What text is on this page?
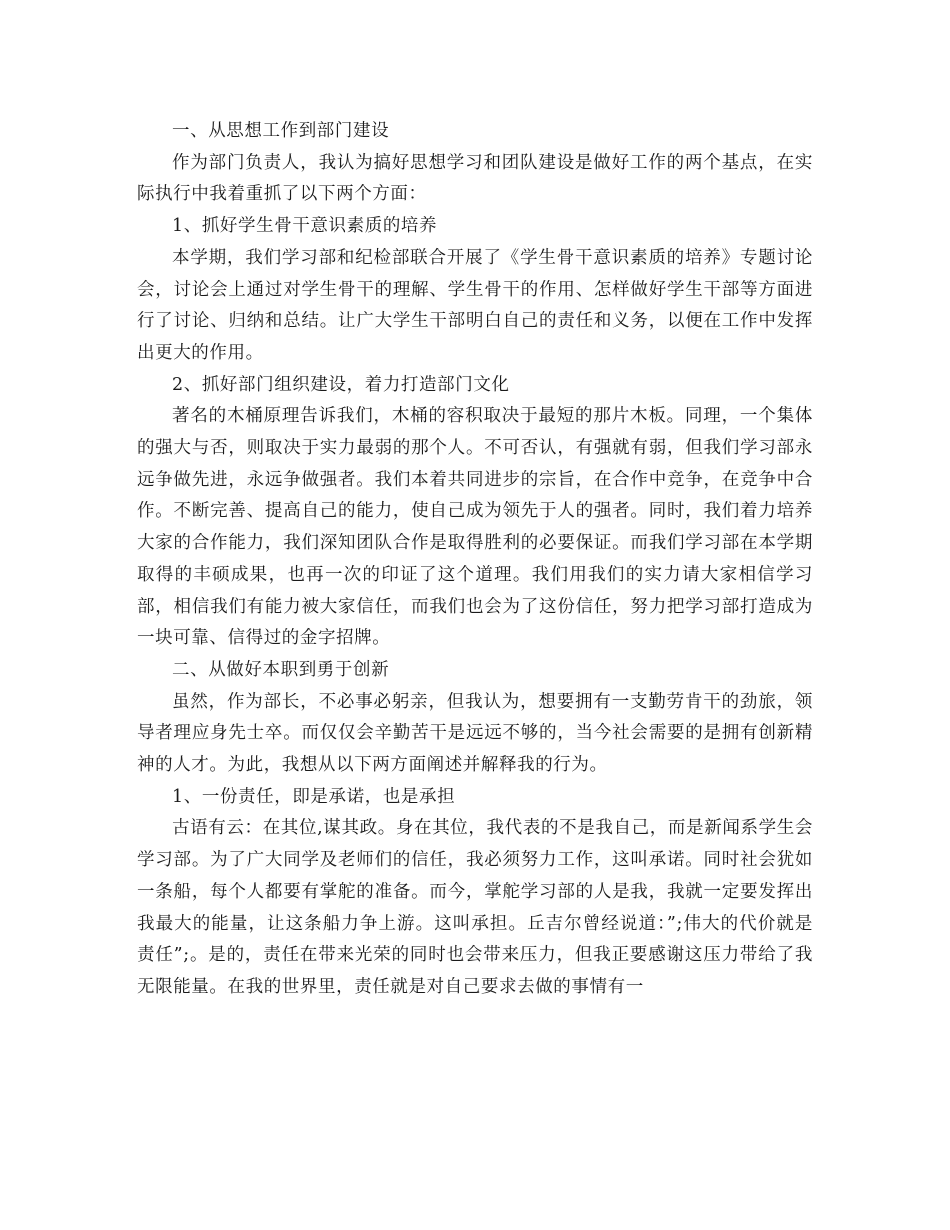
一、从思想工作到部门建设

作为部门负责人，我认为搞好思想学习和团队建设是做好工作的两个基点，在实际执行中我着重抓了以下两个方面：

1、抓好学生骨干意识素质的培养

本学期，我们学习部和纪检部联合开展了《学生骨干意识素质的培养》专题讨论会，讨论会上通过对学生骨干的理解、学生骨干的作用、怎样做好学生干部等方面进行了讨论、归纳和总结。让广大学生干部明白自己的责任和义务，以便在工作中发挥出更大的作用。

2、抓好部门组织建设，着力打造部门文化

著名的木桶原理告诉我们，木桶的容积取决于最短的那片木板。同理，一个集体的强大与否，则取决于实力最弱的那个人。不可否认，有强就有弱，但我们学习部永远争做先进，永远争做强者。我们本着共同进步的宗旨，在合作中竞争，在竞争中合作。不断完善、提高自己的能力，使自己成为领先于人的强者。同时，我们着力培养大家的合作能力，我们深知团队合作是取得胜利的必要保证。而我们学习部在本学期取得的丰硕成果，也再一次的印证了这个道理。我们用我们的实力请大家相信学习部，相信我们有能力被大家信任，而我们也会为了这份信任，努力把学习部打造成为一块可靠、信得过的金字招牌。

二、从做好本职到勇于创新

虽然，作为部长，不必事必躬亲，但我认为，想要拥有一支勤劳肯干的劲旅，领导者理应身先士卒。而仅仅会辛勤苦干是远远不够的，当今社会需要的是拥有创新精神的人才。为此，我想从以下两方面阐述并解释我的行为。

1、一份责任，即是承诺，也是承担

古语有云：在其位,谋其政。身在其位，我代表的不是我自己，而是新闻系学生会学习部。为了广大同学及老师们的信任，我必须努力工作，这叫承诺。同时社会犹如一条船，每个人都要有掌舵的准备。而今，掌舵学习部的人是我，我就一定要发挥出我最大的能量，让这条船力争上游。这叫承担。丘吉尔曾经说道：”;伟大的代价就是责任”;。是的，责任在带来光荣的同时也会带来压力，但我正要感谢这压力带给了我无限能量。在我的世界里，责任就是对自己要求去做的事情有一
